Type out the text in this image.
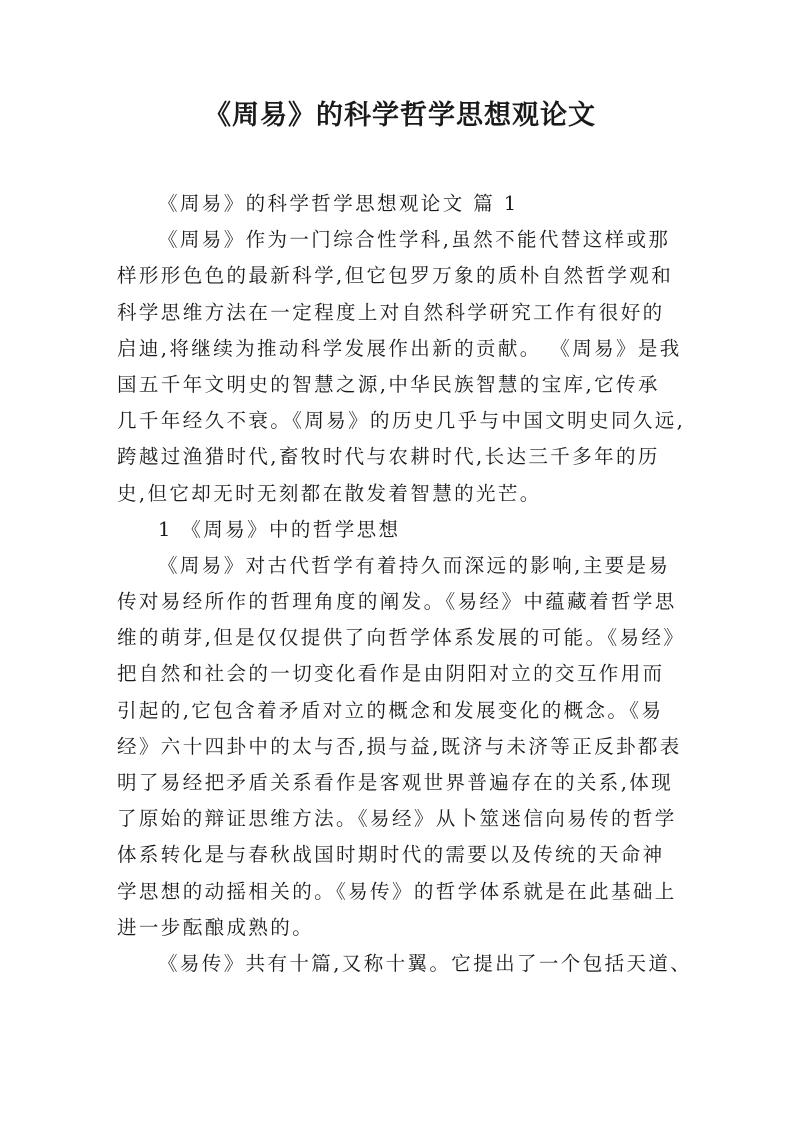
《周易》的科学哲学思想观论文
《周易》的科学哲学思想观论文 篇 1
《周易》作为一门综合性学科,虽然不能代替这样或那
样形形色色的最新科学,但它包罗万象的质朴自然哲学观和
科学思维方法在一定程度上对自然科学研究工作有很好的
启迪,将继续为推动科学发展作出新的贡献。 《周易》是我
国五千年文明史的智慧之源,中华民族智慧的宝库,它传承
几千年经久不衰。《周易》的历史几乎与中国文明史同久远,
跨越过渔猎时代,畜牧时代与农耕时代,长达三千多年的历
史,但它却无时无刻都在散发着智慧的光芒。
1 《周易》中的哲学思想
《周易》对古代哲学有着持久而深远的影响,主要是易
传对易经所作的哲理角度的阐发。《易经》中蕴藏着哲学思
维的萌芽,但是仅仅提供了向哲学体系发展的可能。《易经》
把自然和社会的一切变化看作是由阴阳对立的交互作用而
引起的,它包含着矛盾对立的概念和发展变化的概念。《易
经》六十四卦中的太与否,损与益,既济与未济等正反卦都表
明了易经把矛盾关系看作是客观世界普遍存在的关系,体现
了原始的辩证思维方法。《易经》从卜筮迷信向易传的哲学
体系转化是与春秋战国时期时代的需要以及传统的天命神
学思想的动摇相关的。《易传》的哲学体系就是在此基础上
进一步酝酿成熟的。
《易传》共有十篇,又称十翼。它提出了一个包括天道、
